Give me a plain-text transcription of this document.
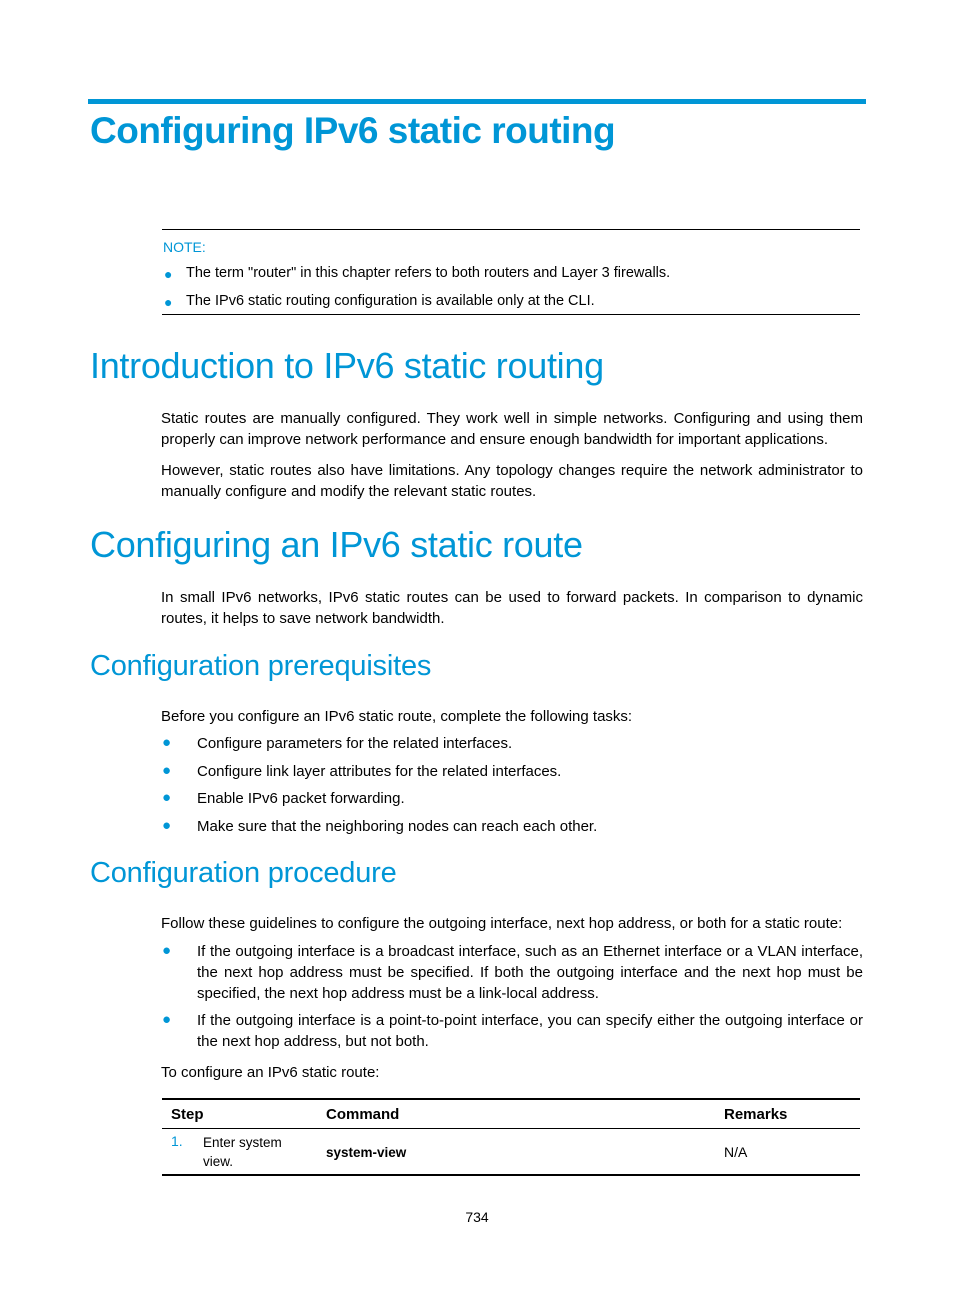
Configuring IPv6 static routing
NOTE:
● The term "router" in this chapter refers to both routers and Layer 3 firewalls.
● The IPv6 static routing configuration is available only at the CLI.
Introduction to IPv6 static routing

Static routes are manually configured. They work well in simple networks. Configuring and using them properly can improve network performance and ensure enough bandwidth for important applications.

However, static routes also have limitations. Any topology changes require the network administrator to manually configure and modify the relevant static routes.

Configuring an IPv6 static route

In small IPv6 networks, IPv6 static routes can be used to forward packets. In comparison to dynamic routes, it helps to save network bandwidth.

Configuration prerequisites

Before you configure an IPv6 static route, complete the following tasks:

● Configure parameters for the related interfaces.

● Configure link layer attributes for the related interfaces.

● Enable IPv6 packet forwarding.

● Make sure that the neighboring nodes can reach each other.

Configuration procedure

Follow these guidelines to configure the outgoing interface, next hop address, or both for a static route:

● If the outgoing interface is a broadcast interface, such as an Ethernet interface or a VLAN interface, the next hop address must be specified. If both the outgoing interface and the next hop must be specified, the next hop address must be a link-local address.

● If the outgoing interface is a point-to-point interface, you can specify either the outgoing interface or the next hop address, but not both.

To configure an IPv6 static route:

Step	Command	Remarks
1. Enter system view.	system-view	N/A
734
